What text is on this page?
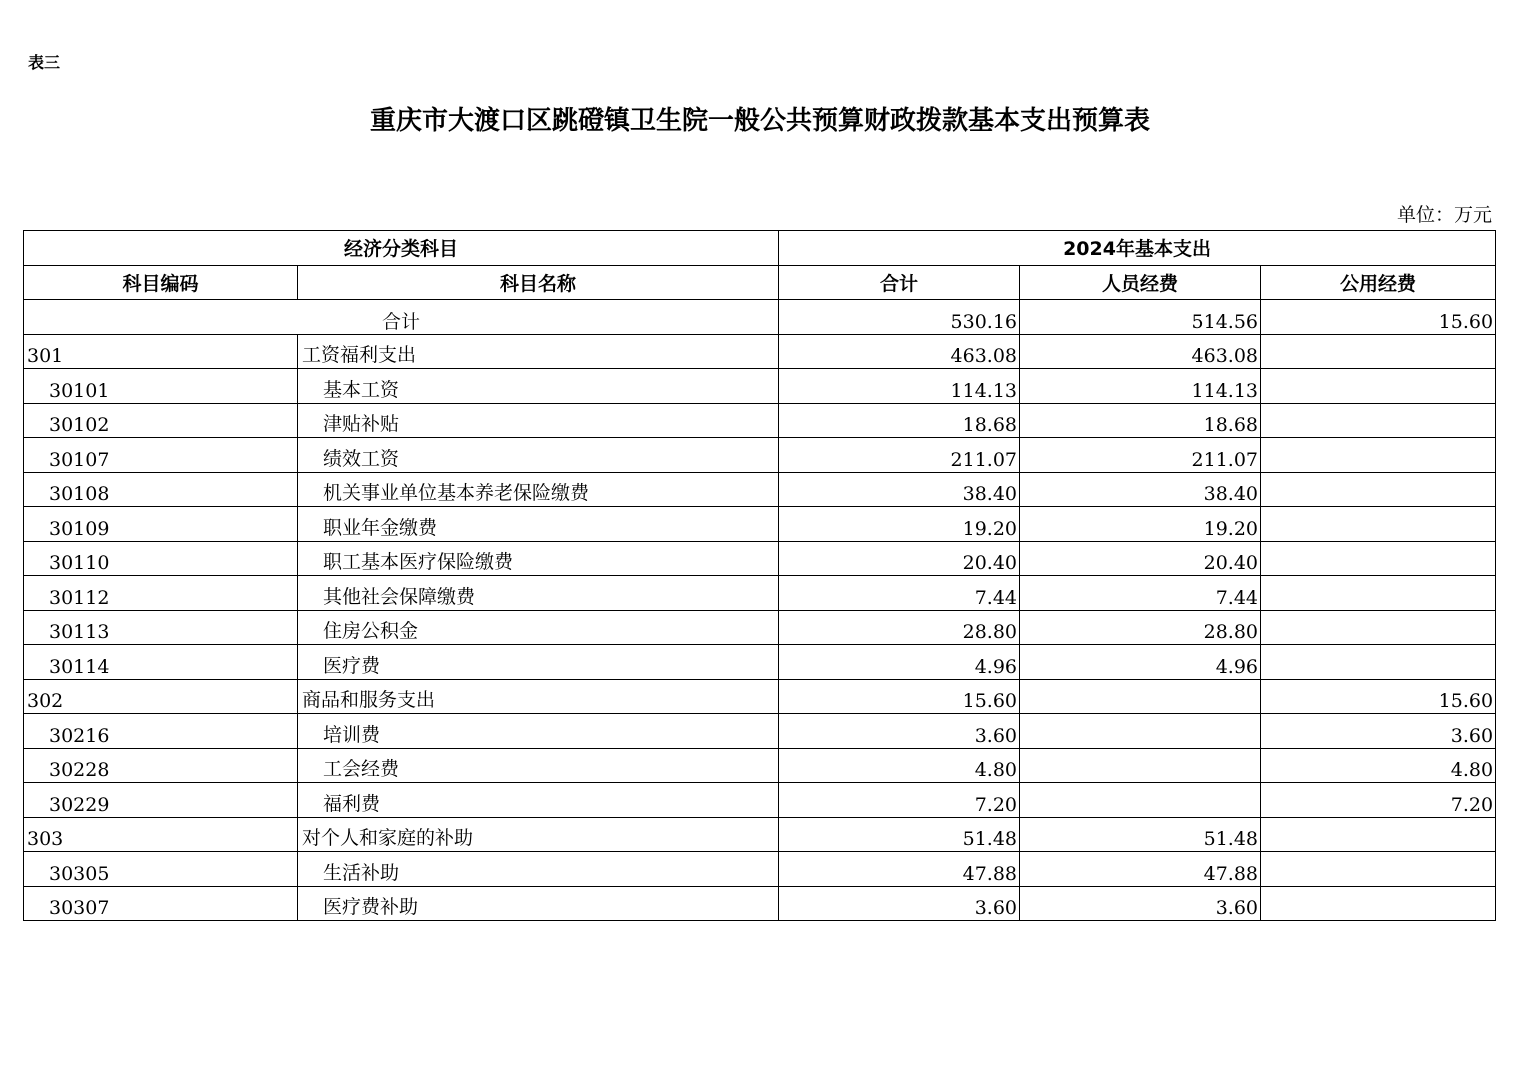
表三
重庆市大渡口区跳磴镇卫生院一般公共预算财政拨款基本支出预算表
单位：万元
经济分类科目		2024年基本支出		
科目编码	科目名称	合计	人员经费	公用经费
合计		530.16	514.56	15.60
301	工资福利支出	463.08	463.08	
30101	基本工资	114.13	114.13	
30102	津贴补贴	18.68	18.68	
30107	绩效工资	211.07	211.07	
30108	机关事业单位基本养老保险缴费	38.40	38.40	
30109	职业年金缴费	19.20	19.20	
30110	职工基本医疗保险缴费	20.40	20.40	
30112	其他社会保障缴费	7.44	7.44	
30113	住房公积金	28.80	28.80	
30114	医疗费	4.96	4.96	
302	商品和服务支出	15.60		15.60
30216	培训费	3.60		3.60
30228	工会经费	4.80		4.80
30229	福利费	7.20		7.20
303	对个人和家庭的补助	51.48	51.48	
30305	生活补助	47.88	47.88	
30307	医疗费补助	3.60	3.60	
